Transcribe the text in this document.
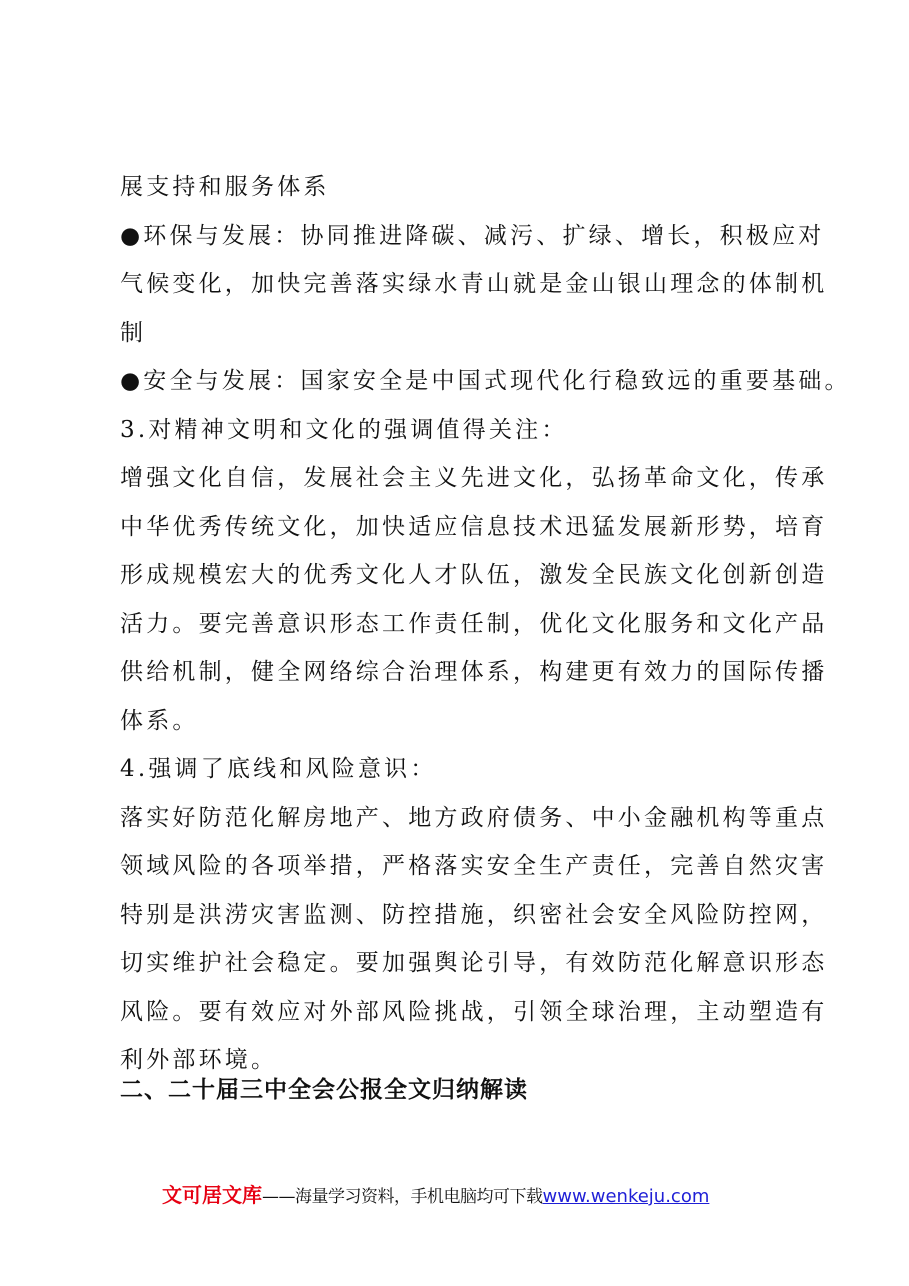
展支持和服务体系
●环保与发展：协同推进降碳、减污、扩绿、增长，积极应对
气候变化，加快完善落实绿水青山就是金山银山理念的体制机
制
●安全与发展：国家安全是中国式现代化行稳致远的重要基础。
3.对精神文明和文化的强调值得关注：
增强文化自信，发展社会主义先进文化，弘扬革命文化，传承
中华优秀传统文化，加快适应信息技术迅猛发展新形势，培育
形成规模宏大的优秀文化人才队伍，激发全民族文化创新创造
活力。要完善意识形态工作责任制，优化文化服务和文化产品
供给机制，健全网络综合治理体系，构建更有效力的国际传播
体系。
4.强调了底线和风险意识：
落实好防范化解房地产、地方政府债务、中小金融机构等重点
领域风险的各项举措，严格落实安全生产责任，完善自然灾害
特别是洪涝灾害监测、防控措施，织密社会安全风险防控网，
切实维护社会稳定。要加强舆论引导，有效防范化解意识形态
风险。要有效应对外部风险挑战，引领全球治理，主动塑造有
利外部环境。
二、二十届三中全会公报全文归纳解读
文可居文库——海量学习资料，手机电脑均可下载www.wenkeju.com
